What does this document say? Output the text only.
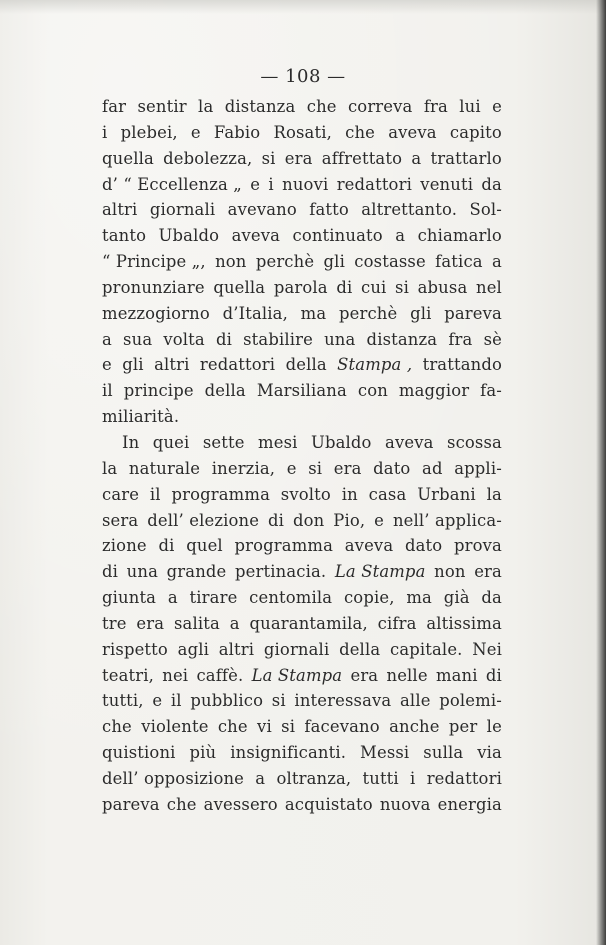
— 108 —
far sentir la distanza che correva fra lui e
i plebei, e Fabio Rosati, che aveva capito
quella debolezza, si era affrettato a trattarlo
d’ “ Eccellenza „ e i nuovi redattori venuti da
altri giornali avevano fatto altrettanto. Sol-
tanto Ubaldo aveva continuato a chiamarlo
“ Principe „, non perchè gli costasse fatica a
pronunziare quella parola di cui si abusa nel
mezzogiorno d’Italia, ma perchè gli pareva
a sua volta di stabilire una distanza fra sè
e gli altri redattori della Stampa , trattando
il principe della Marsiliana con maggior fa-
miliarità.
In quei sette mesi Ubaldo aveva scossa
la naturale inerzia, e si era dato ad appli-
care il programma svolto in casa Urbani la
sera dell’ elezione di don Pio, e nell’ applica-
zione di quel programma aveva dato prova
di una grande pertinacia. La Stampa non era
giunta a tirare centomila copie, ma già da
tre era salita a quarantamila, cifra altissima
rispetto agli altri giornali della capitale. Nei
teatri, nei caffè. La Stampa era nelle mani di
tutti, e il pubblico si interessava alle polemi-
che violente che vi si facevano anche per le
quistioni più insignificanti. Messi sulla via
dell’ opposizione a oltranza, tutti i redattori
pareva che avessero acquistato nuova energia
